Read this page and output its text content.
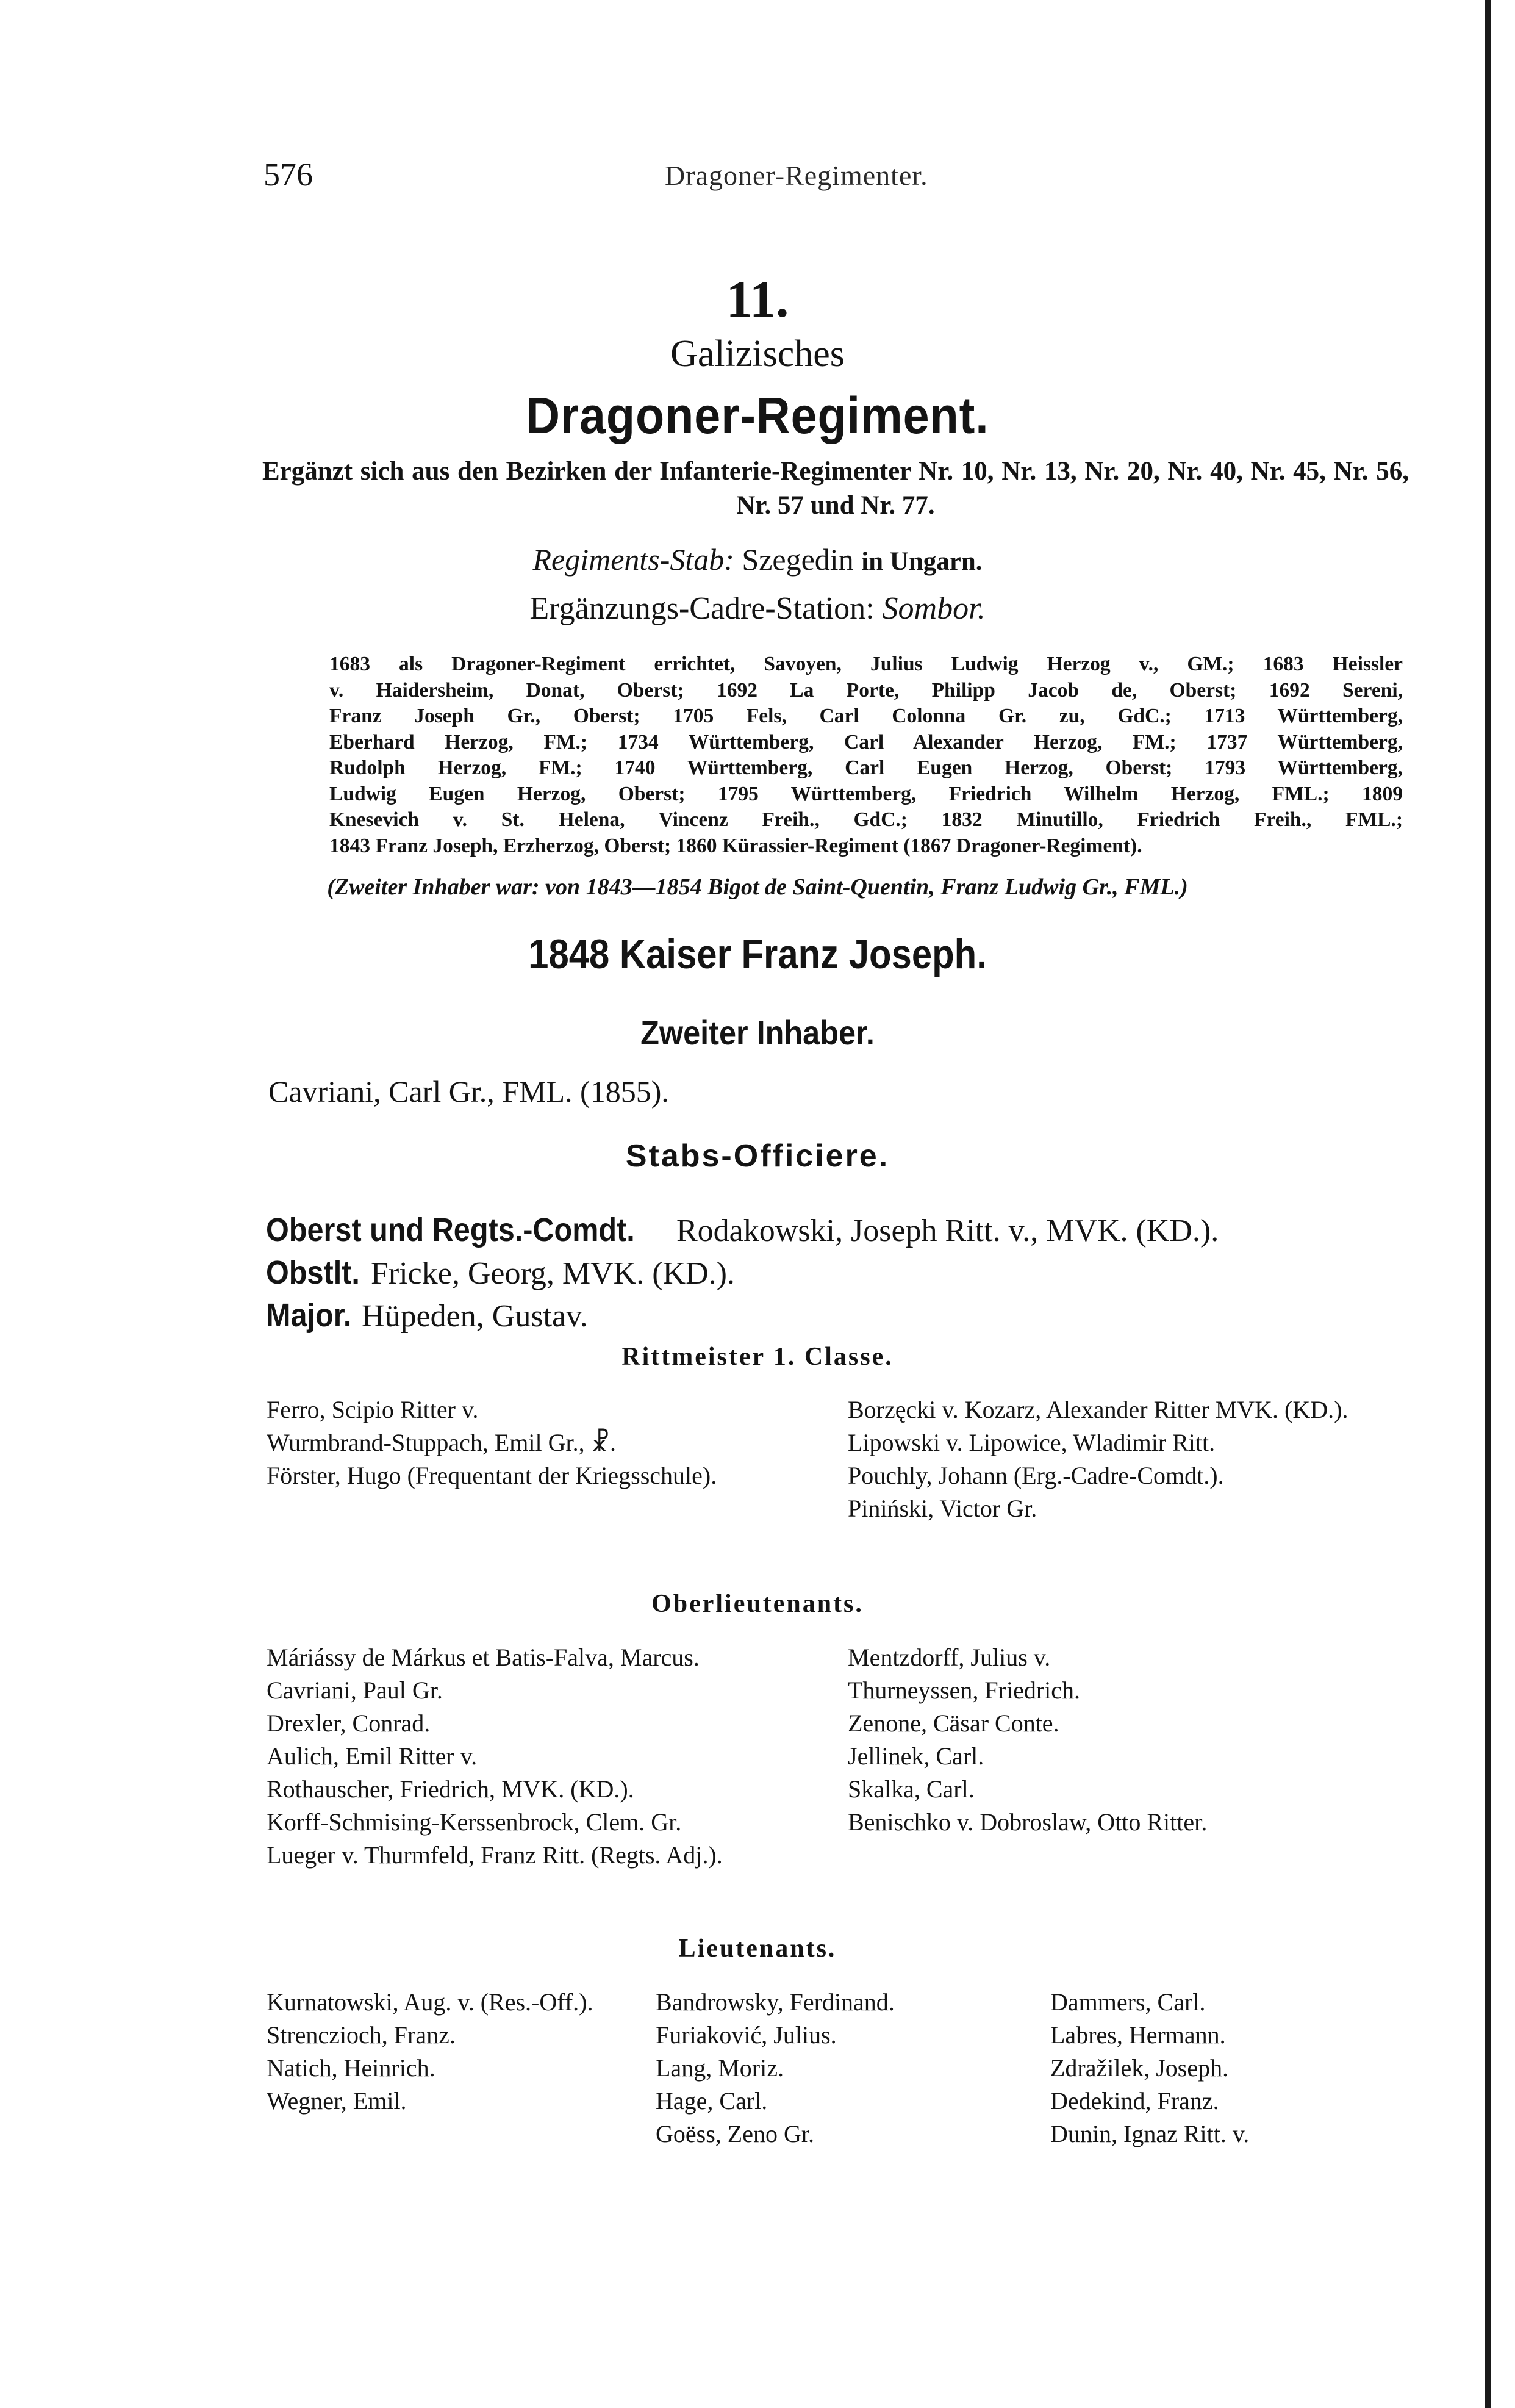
576	Dragoner-Regimenter.
11.
Galizisches
Dragoner-Regiment.
Ergänzt sich aus den Bezirken der Infanterie-Regimenter Nr. 10, Nr. 13, Nr. 20, Nr. 40, Nr. 45, Nr. 56, Nr. 57 und Nr. 77.
Regiments-Stab: Szegedin in Ungarn.
Ergänzungs-Cadre-Station: Sombor.
1683 als Dragoner-Regiment errichtet, Savoyen, Julius Ludwig Herzog v., GM.; 1683 Heissler
v. Haidersheim, Donat, Oberst; 1692 La Porte, Philipp Jacob de, Oberst; 1692 Sereni,
Franz Joseph Gr., Oberst; 1705 Fels, Carl Colonna Gr. zu, GdC.; 1713 Württemberg,
Eberhard Herzog, FM.; 1734 Württemberg, Carl Alexander Herzog, FM.; 1737 Württemberg,
Rudolph Herzog, FM.; 1740 Württemberg, Carl Eugen Herzog, Oberst; 1793 Württemberg,
Ludwig Eugen Herzog, Oberst; 1795 Württemberg, Friedrich Wilhelm Herzog, FML.; 1809
Knesevich v. St. Helena, Vincenz Freih., GdC.; 1832 Minutillo, Friedrich Freih., FML.;
1843 Franz Joseph, Erzherzog, Oberst; 1860 Kürassier-Regiment (1867 Dragoner-Regiment).
(Zweiter Inhaber war: von 1843—1854 Bigot de Saint-Quentin, Franz Ludwig Gr., FML.)
1848 Kaiser Franz Joseph.
Zweiter Inhaber.
Cavriani, Carl Gr., FML. (1855).
Stabs-Officiere.
Oberst und Regts.-Comdt. Rodakowski, Joseph Ritt. v., MVK. (KD.).
Obstlt. Fricke, Georg, MVK. (KD.).
Major. Hüpeden, Gustav.
Rittmeister 1. Classe.
Ferro, Scipio Ritter v.
Wurmbrand-Stuppach, Emil Gr., ☧.
Förster, Hugo (Frequentant der Kriegsschule).
Borzęcki v. Kozarz, Alexander Ritter MVK. (KD.).
Lipowski v. Lipowice, Wladimir Ritt.
Pouchly, Johann (Erg.-Cadre-Comdt.).
Piniński, Victor Gr.
Oberlieutenants.
Máriássy de Márkus et Batis-Falva, Marcus.
Cavriani, Paul Gr.
Drexler, Conrad.
Aulich, Emil Ritter v.
Rothauscher, Friedrich, MVK. (KD.).
Korff-Schmising-Kerssenbrock, Clem. Gr.
Lueger v. Thurmfeld, Franz Ritt. (Regts. Adj.).
Mentzdorff, Julius v.
Thurneyssen, Friedrich.
Zenone, Cäsar Conte.
Jellinek, Carl.
Skalka, Carl.
Benischko v. Dobroslaw, Otto Ritter.
Lieutenants.
Kurnatowski, Aug. v. (Res.-Off.).
Strenczioch, Franz.
Natich, Heinrich.
Wegner, Emil.
Bandrowsky, Ferdinand.
Furiaković, Julius.
Lang, Moriz.
Hage, Carl.
Goëss, Zeno Gr.
Dammers, Carl.
Labres, Hermann.
Zdražilek, Joseph.
Dedekind, Franz.
Dunin, Ignaz Ritt. v.
